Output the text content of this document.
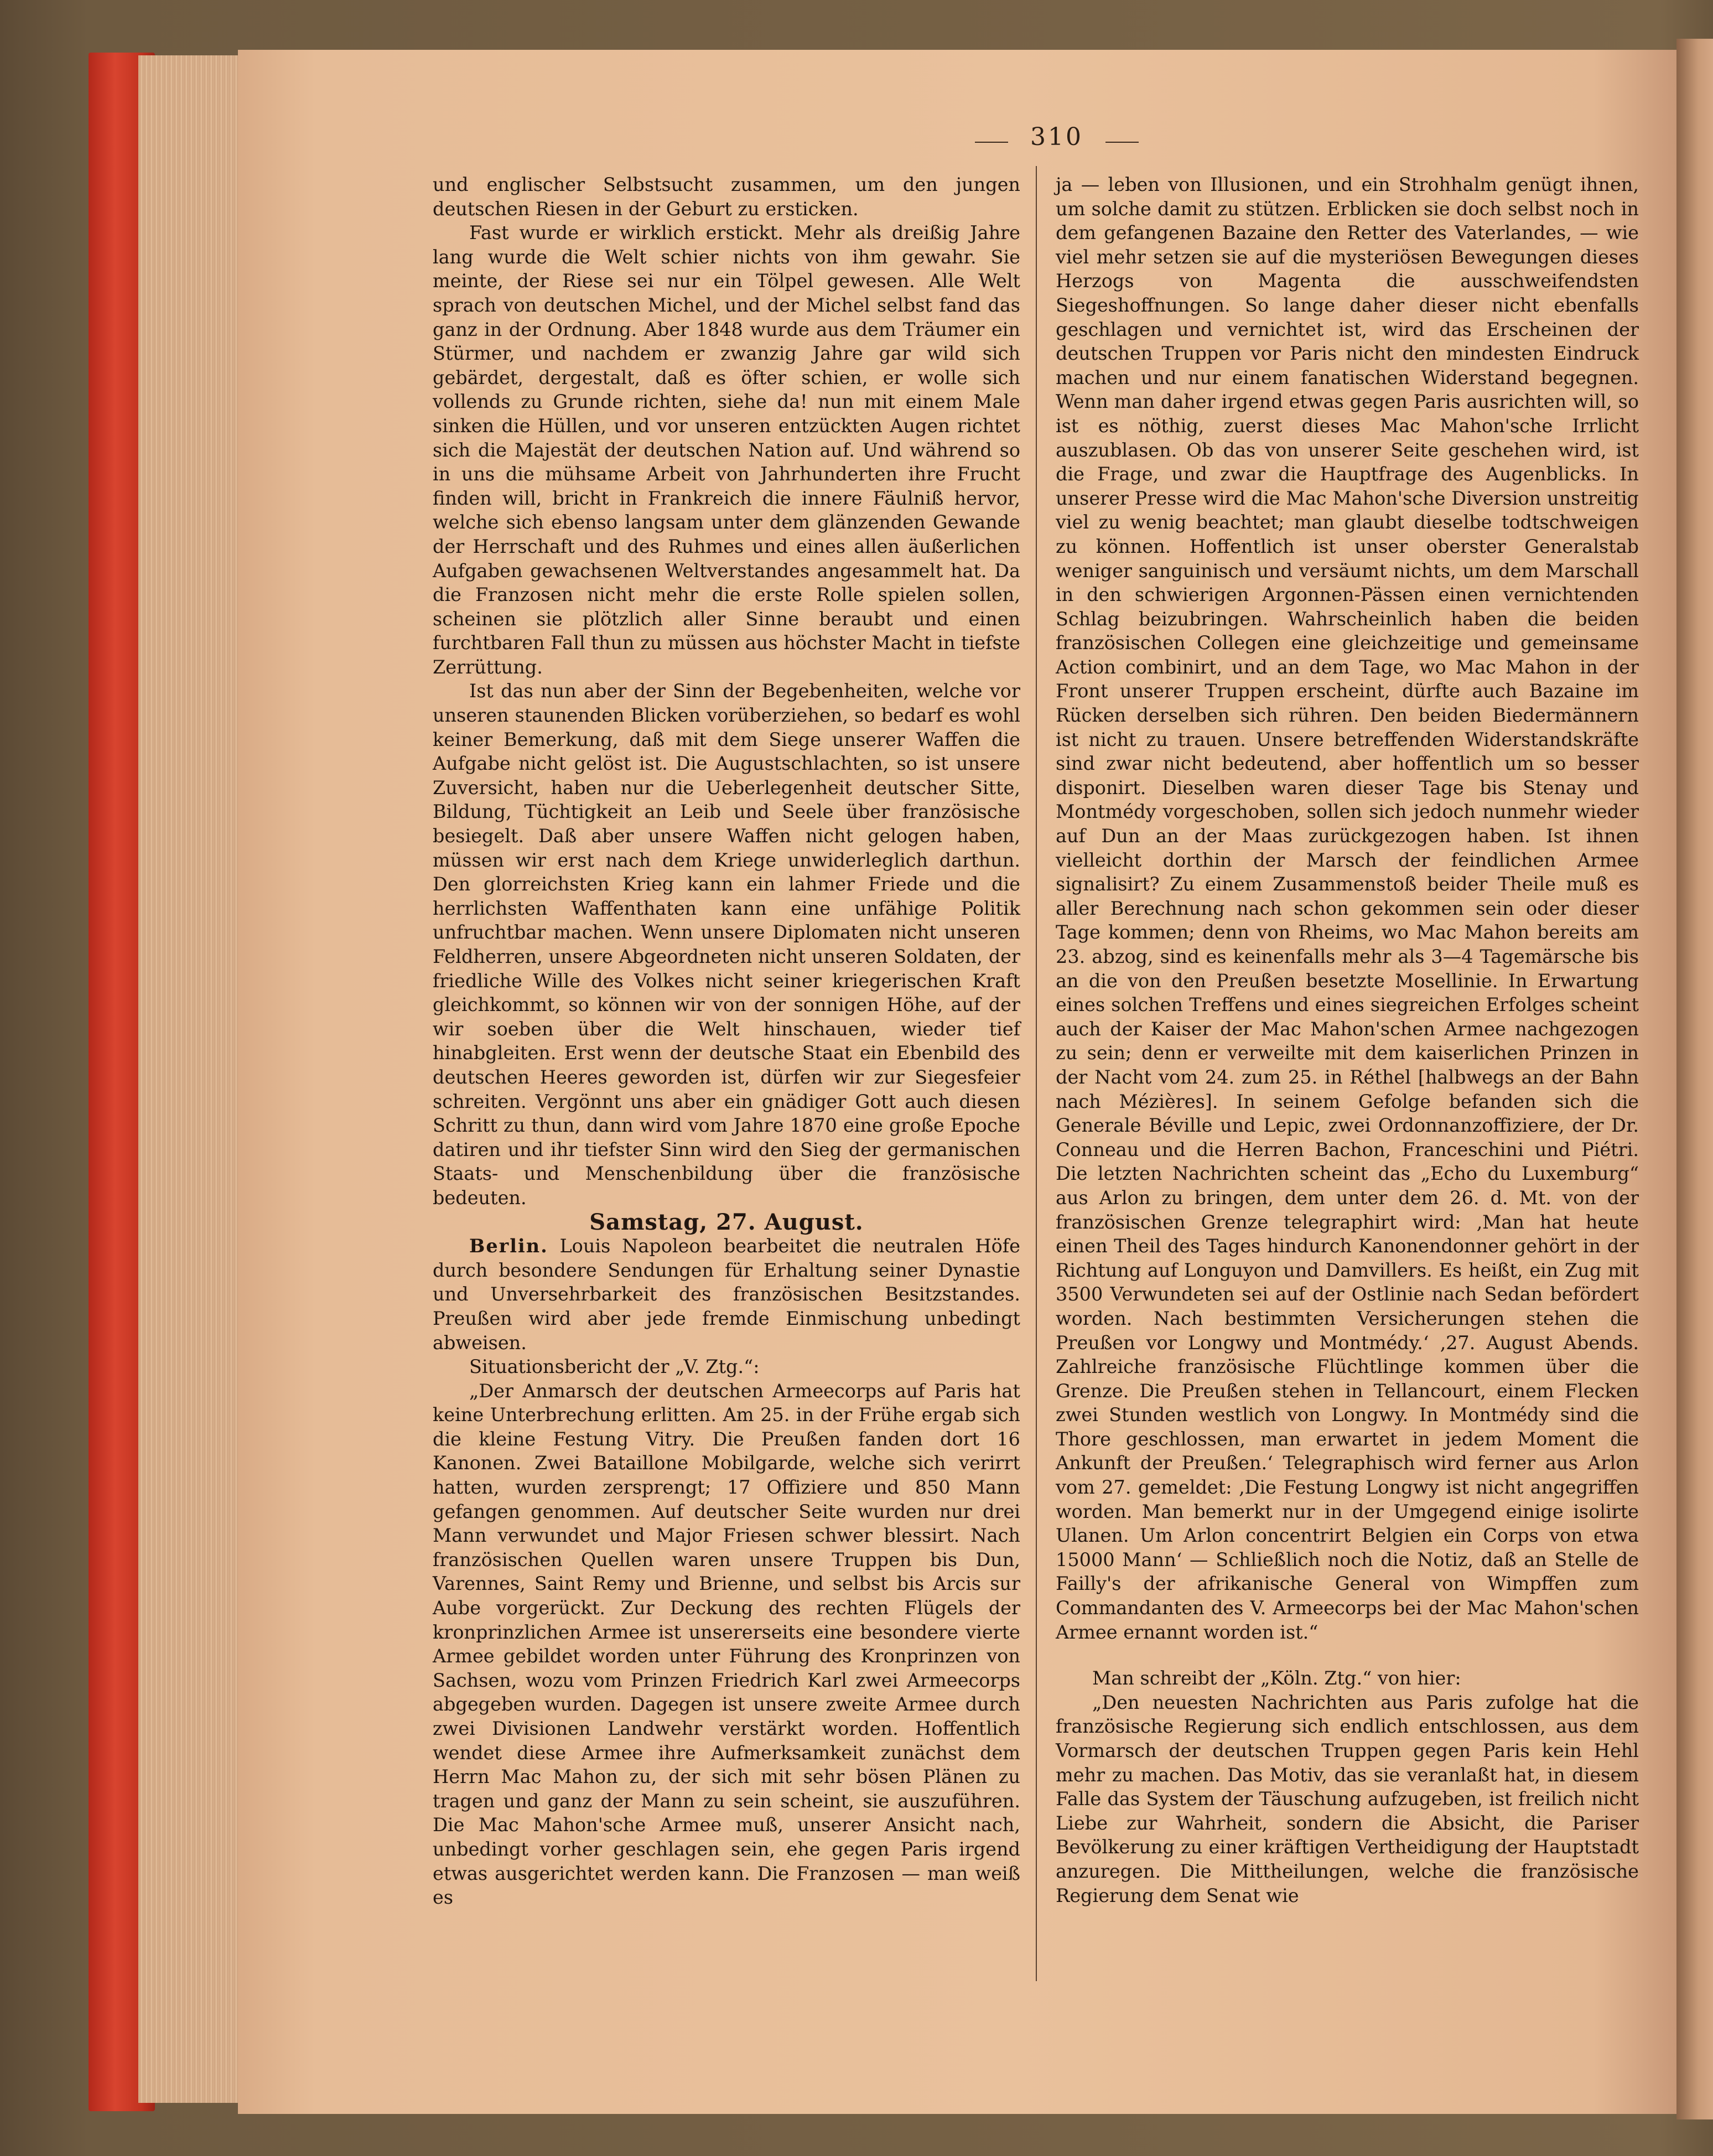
310

und englischer Selbstsucht zusammen, um den jungen deutschen Riesen in der Geburt zu ersticken.

Fast wurde er wirklich erstickt. Mehr als dreißig Jahre lang wurde die Welt schier nichts von ihm gewahr. Sie meinte, der Riese sei nur ein Tölpel gewesen. Alle Welt sprach von deutschen Michel, und der Michel selbst fand das ganz in der Ordnung. Aber 1848 wurde aus dem Träumer ein Stürmer, und nachdem er zwanzig Jahre gar wild sich gebärdet, dergestalt, daß es öfter schien, er wolle sich vollends zu Grunde richten, siehe da! nun mit einem Male sinken die Hüllen, und vor unseren entzückten Augen richtet sich die Majestät der deutschen Nation auf. Und während so in uns die mühsame Arbeit von Jahrhunderten ihre Frucht finden will, bricht in Frankreich die innere Fäulniß hervor, welche sich ebenso langsam unter dem glänzenden Gewande der Herrschaft und des Ruhmes und eines allen äußerlichen Aufgaben gewachsenen Weltverstandes angesammelt hat. Da die Franzosen nicht mehr die erste Rolle spielen sollen, scheinen sie plötzlich aller Sinne beraubt und einen furchtbaren Fall thun zu müssen aus höchster Macht in tiefste Zerrüttung.

Ist das nun aber der Sinn der Begebenheiten, welche vor unseren staunenden Blicken vorüberziehen, so bedarf es wohl keiner Bemerkung, daß mit dem Siege unserer Waffen die Aufgabe nicht gelöst ist. Die Augustschlachten, so ist unsere Zuversicht, haben nur die Ueberlegenheit deutscher Sitte, Bildung, Tüchtigkeit an Leib und Seele über französische besiegelt. Daß aber unsere Waffen nicht gelogen haben, müssen wir erst nach dem Kriege unwiderleglich darthun. Den glorreichsten Krieg kann ein lahmer Friede und die herrlichsten Waffenthaten kann eine unfähige Politik unfruchtbar machen. Wenn unsere Diplomaten nicht unseren Feldherren, unsere Abgeordneten nicht unseren Soldaten, der friedliche Wille des Volkes nicht seiner kriegerischen Kraft gleichkommt, so können wir von der sonnigen Höhe, auf der wir soeben über die Welt hinschauen, wieder tief hinabgleiten. Erst wenn der deutsche Staat ein Ebenbild des deutschen Heeres geworden ist, dürfen wir zur Siegesfeier schreiten. Vergönnt uns aber ein gnädiger Gott auch diesen Schritt zu thun, dann wird vom Jahre 1870 eine große Epoche datiren und ihr tiefster Sinn wird den Sieg der germanischen Staats- und Menschenbildung über die französische bedeuten.

Samstag, 27. August.

Berlin. Louis Napoleon bearbeitet die neutralen Höfe durch besondere Sendungen für Erhaltung seiner Dynastie und Unversehrbarkeit des französischen Besitzstandes. Preußen wird aber jede fremde Einmischung unbedingt abweisen.

Situationsbericht der „V. Ztg.“:

„Der Anmarsch der deutschen Armeecorps auf Paris hat keine Unterbrechung erlitten. Am 25. in der Frühe ergab sich die kleine Festung Vitry. Die Preußen fanden dort 16 Kanonen. Zwei Bataillone Mobilgarde, welche sich verirrt hatten, wurden zersprengt; 17 Offiziere und 850 Mann gefangen genommen. Auf deutscher Seite wurden nur drei Mann verwundet und Major Friesen schwer blessirt. Nach französischen Quellen waren unsere Truppen bis Dun, Varennes, Saint Remy und Brienne, und selbst bis Arcis sur Aube vorgerückt. Zur Deckung des rechten Flügels der kronprinzlichen Armee ist unsererseits eine besondere vierte Armee gebildet worden unter Führung des Kronprinzen von Sachsen, wozu vom Prinzen Friedrich Karl zwei Armeecorps abgegeben wurden. Dagegen ist unsere zweite Armee durch zwei Divisionen Landwehr verstärkt worden. Hoffentlich wendet diese Armee ihre Aufmerksamkeit zunächst dem Herrn Mac Mahon zu, der sich mit sehr bösen Plänen zu tragen und ganz der Mann zu sein scheint, sie auszuführen. Die Mac Mahon'sche Armee muß, unserer Ansicht nach, unbedingt vorher geschlagen sein, ehe gegen Paris irgend etwas ausgerichtet werden kann. Die Franzosen — man weiß es

ja — leben von Illusionen, und ein Strohhalm genügt ihnen, um solche damit zu stützen. Erblicken sie doch selbst noch in dem gefangenen Bazaine den Retter des Vaterlandes, — wie viel mehr setzen sie auf die mysteriösen Bewegungen dieses Herzogs von Magenta die ausschweifendsten Siegeshoffnungen. So lange daher dieser nicht ebenfalls geschlagen und vernichtet ist, wird das Erscheinen der deutschen Truppen vor Paris nicht den mindesten Eindruck machen und nur einem fanatischen Widerstand begegnen. Wenn man daher irgend etwas gegen Paris ausrichten will, so ist es nöthig, zuerst dieses Mac Mahon'sche Irrlicht auszublasen. Ob das von unserer Seite geschehen wird, ist die Frage, und zwar die Hauptfrage des Augenblicks. In unserer Presse wird die Mac Mahon'sche Diversion unstreitig viel zu wenig beachtet; man glaubt dieselbe todtschweigen zu können. Hoffentlich ist unser oberster Generalstab weniger sanguinisch und versäumt nichts, um dem Marschall in den schwierigen Argonnen-Pässen einen vernichtenden Schlag beizubringen. Wahrscheinlich haben die beiden französischen Collegen eine gleichzeitige und gemeinsame Action combinirt, und an dem Tage, wo Mac Mahon in der Front unserer Truppen erscheint, dürfte auch Bazaine im Rücken derselben sich rühren. Den beiden Biedermännern ist nicht zu trauen. Unsere betreffenden Widerstandskräfte sind zwar nicht bedeutend, aber hoffentlich um so besser disponirt. Dieselben waren dieser Tage bis Stenay und Montmédy vorgeschoben, sollen sich jedoch nunmehr wieder auf Dun an der Maas zurückgezogen haben. Ist ihnen vielleicht dorthin der Marsch der feindlichen Armee signalisirt? Zu einem Zusammenstoß beider Theile muß es aller Berechnung nach schon gekommen sein oder dieser Tage kommen; denn von Rheims, wo Mac Mahon bereits am 23. abzog, sind es keinenfalls mehr als 3—4 Tagemärsche bis an die von den Preußen besetzte Mosellinie. In Erwartung eines solchen Treffens und eines siegreichen Erfolges scheint auch der Kaiser der Mac Mahon'schen Armee nachgezogen zu sein; denn er verweilte mit dem kaiserlichen Prinzen in der Nacht vom 24. zum 25. in Réthel [halbwegs an der Bahn nach Mézières]. In seinem Gefolge befanden sich die Generale Béville und Lepic, zwei Ordonnanzoffiziere, der Dr. Conneau und die Herren Bachon, Franceschini und Piétri. Die letzten Nachrichten scheint das „Echo du Luxemburg“ aus Arlon zu bringen, dem unter dem 26. d. Mt. von der französischen Grenze telegraphirt wird: ‚Man hat heute einen Theil des Tages hindurch Kanonendonner gehört in der Richtung auf Longuyon und Damvillers. Es heißt, ein Zug mit 3500 Verwundeten sei auf der Ostlinie nach Sedan befördert worden. Nach bestimmten Versicherungen stehen die Preußen vor Longwy und Montmédy.‘ ‚27. August Abends. Zahlreiche französische Flüchtlinge kommen über die Grenze. Die Preußen stehen in Tellancourt, einem Flecken zwei Stunden westlich von Longwy. In Montmédy sind die Thore geschlossen, man erwartet in jedem Moment die Ankunft der Preußen.‘ Telegraphisch wird ferner aus Arlon vom 27. gemeldet: ‚Die Festung Longwy ist nicht angegriffen worden. Man bemerkt nur in der Umgegend einige isolirte Ulanen. Um Arlon concentrirt Belgien ein Corps von etwa 15000 Mann‘ — Schließlich noch die Notiz, daß an Stelle de Failly's der afrikanische General von Wimpffen zum Commandanten des V. Armeecorps bei der Mac Mahon'schen Armee ernannt worden ist.“

Man schreibt der „Köln. Ztg.“ von hier:

„Den neuesten Nachrichten aus Paris zufolge hat die französische Regierung sich endlich entschlossen, aus dem Vormarsch der deutschen Truppen gegen Paris kein Hehl mehr zu machen. Das Motiv, das sie veranlaßt hat, in diesem Falle das System der Täuschung aufzugeben, ist freilich nicht Liebe zur Wahrheit, sondern die Absicht, die Pariser Bevölkerung zu einer kräftigen Vertheidigung der Hauptstadt anzuregen. Die Mittheilungen, welche die französische Regierung dem Senat wie
